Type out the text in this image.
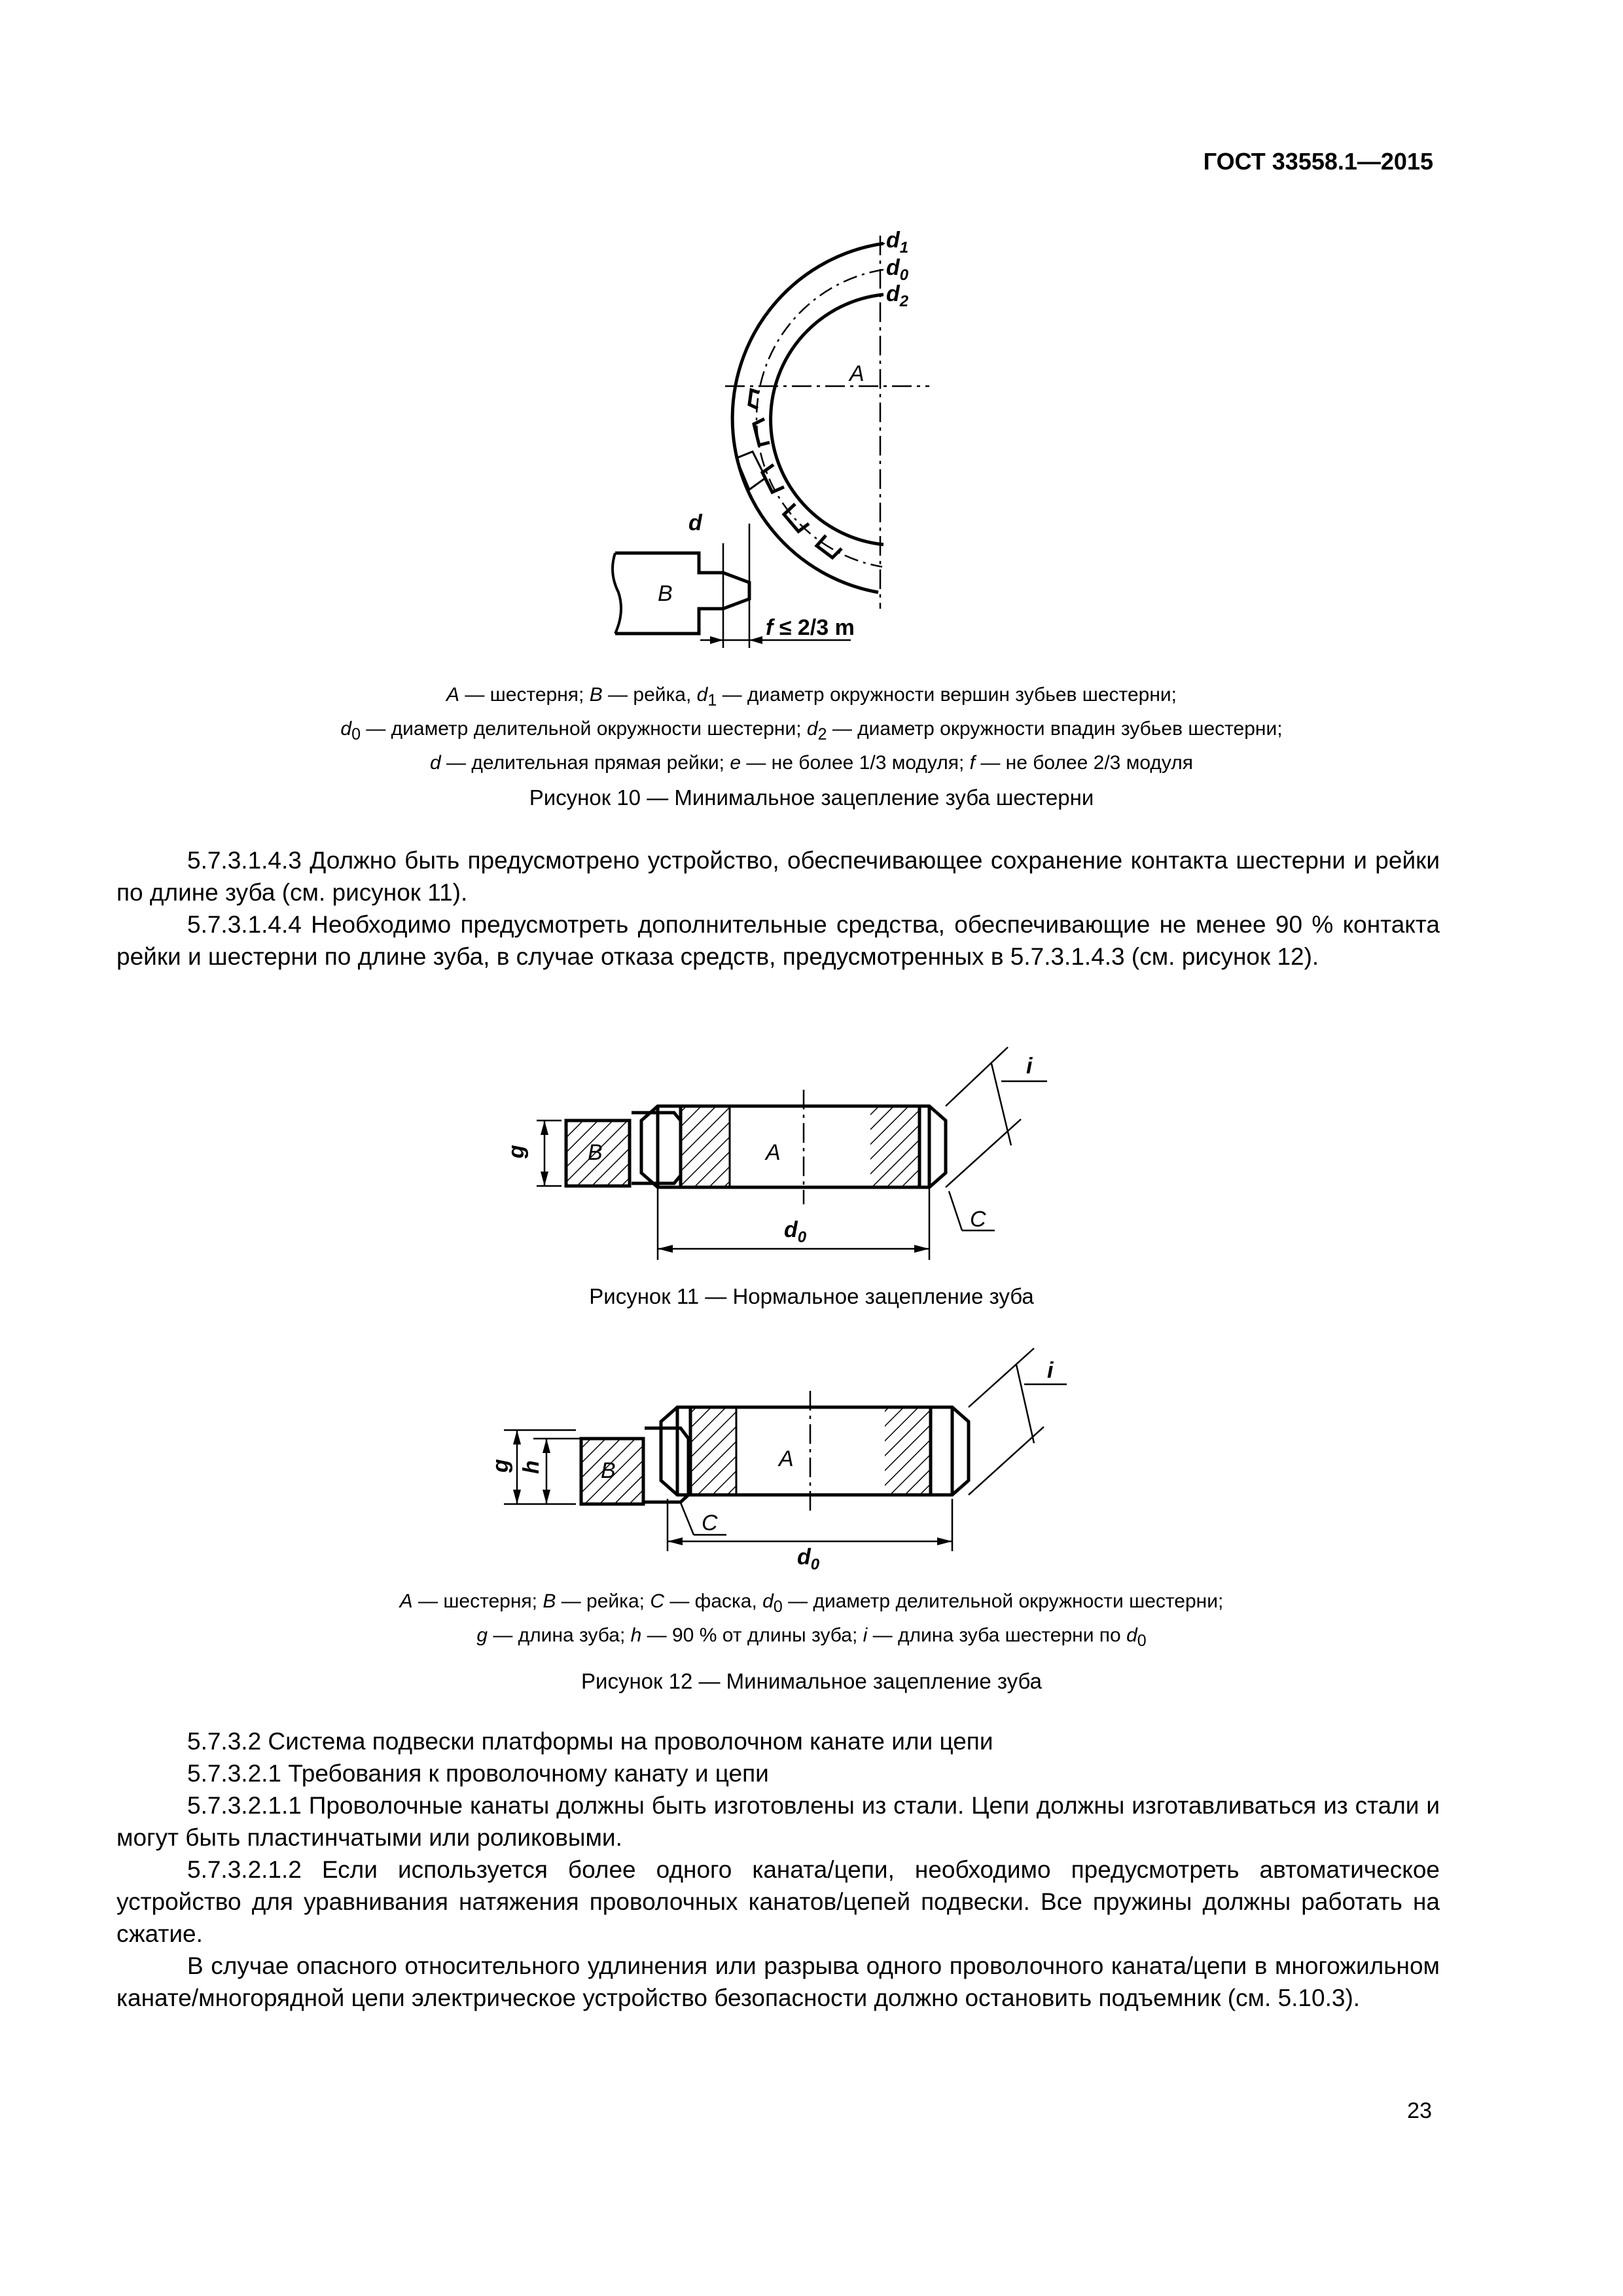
ГОСТ 33558.1—2015
$d_1$
$d_0$
$d_2$
A
B
d
f ≤ 2/3 m
A — шестерня; B — рейка, $d_1$ — диаметр окружности вершин зубьев шестерни;
$d_0$ — диаметр делительной окружности шестерни; $d_2$ — диаметр окружности впадин зубьев шестерни;
d — делительная прямая рейки; e — не более 1/3 модуля; f — не более 2/3 модуля
Рисунок 10 — Минимальное зацепление зуба шестерни

5.7.3.1.4.3 Должно быть предусмотрено устройство, обеспечивающее сохранение контакта шестерни и рейки по длине зуба (см. рисунок 11).

5.7.3.1.4.4 Необходимо предусмотреть дополнительные средства, обеспечивающие не менее 90 % контакта рейки и шестерни по длине зуба, в случае отказа средств, предусмотренных в 5.7.3.1.4.3 (см. рисунок 12).

g	B	A
$d_0$
C
i
Рисунок 11 — Нормальное зацепление зуба
g h	B	A
C
$d_0$
i
A — шестерня; B — рейка; C — фаска, $d_0$ — диаметр делительной окружности шестерни;
g — длина зуба; h — 90 % от длины зуба; i — длина зуба шестерни по $d_0$
Рисунок 12 — Минимальное зацепление зуба

5.7.3.2 Система подвески платформы на проволочном канате или цепи

5.7.3.2.1 Требования к проволочному канату и цепи

5.7.3.2.1.1 Проволочные канаты должны быть изготовлены из стали. Цепи должны изготавливаться из стали и могут быть пластинчатыми или роликовыми.

5.7.3.2.1.2 Если используется более одного каната/цепи, необходимо предусмотреть автоматическое устройство для уравнивания натяжения проволочных канатов/цепей подвески. Все пружины должны работать на сжатие.

В случае опасного относительного удлинения или разрыва одного проволочного каната/цепи в многожильном канате/многорядной цепи электрическое устройство безопасности должно остановить подъемник (см. 5.10.3).

23
